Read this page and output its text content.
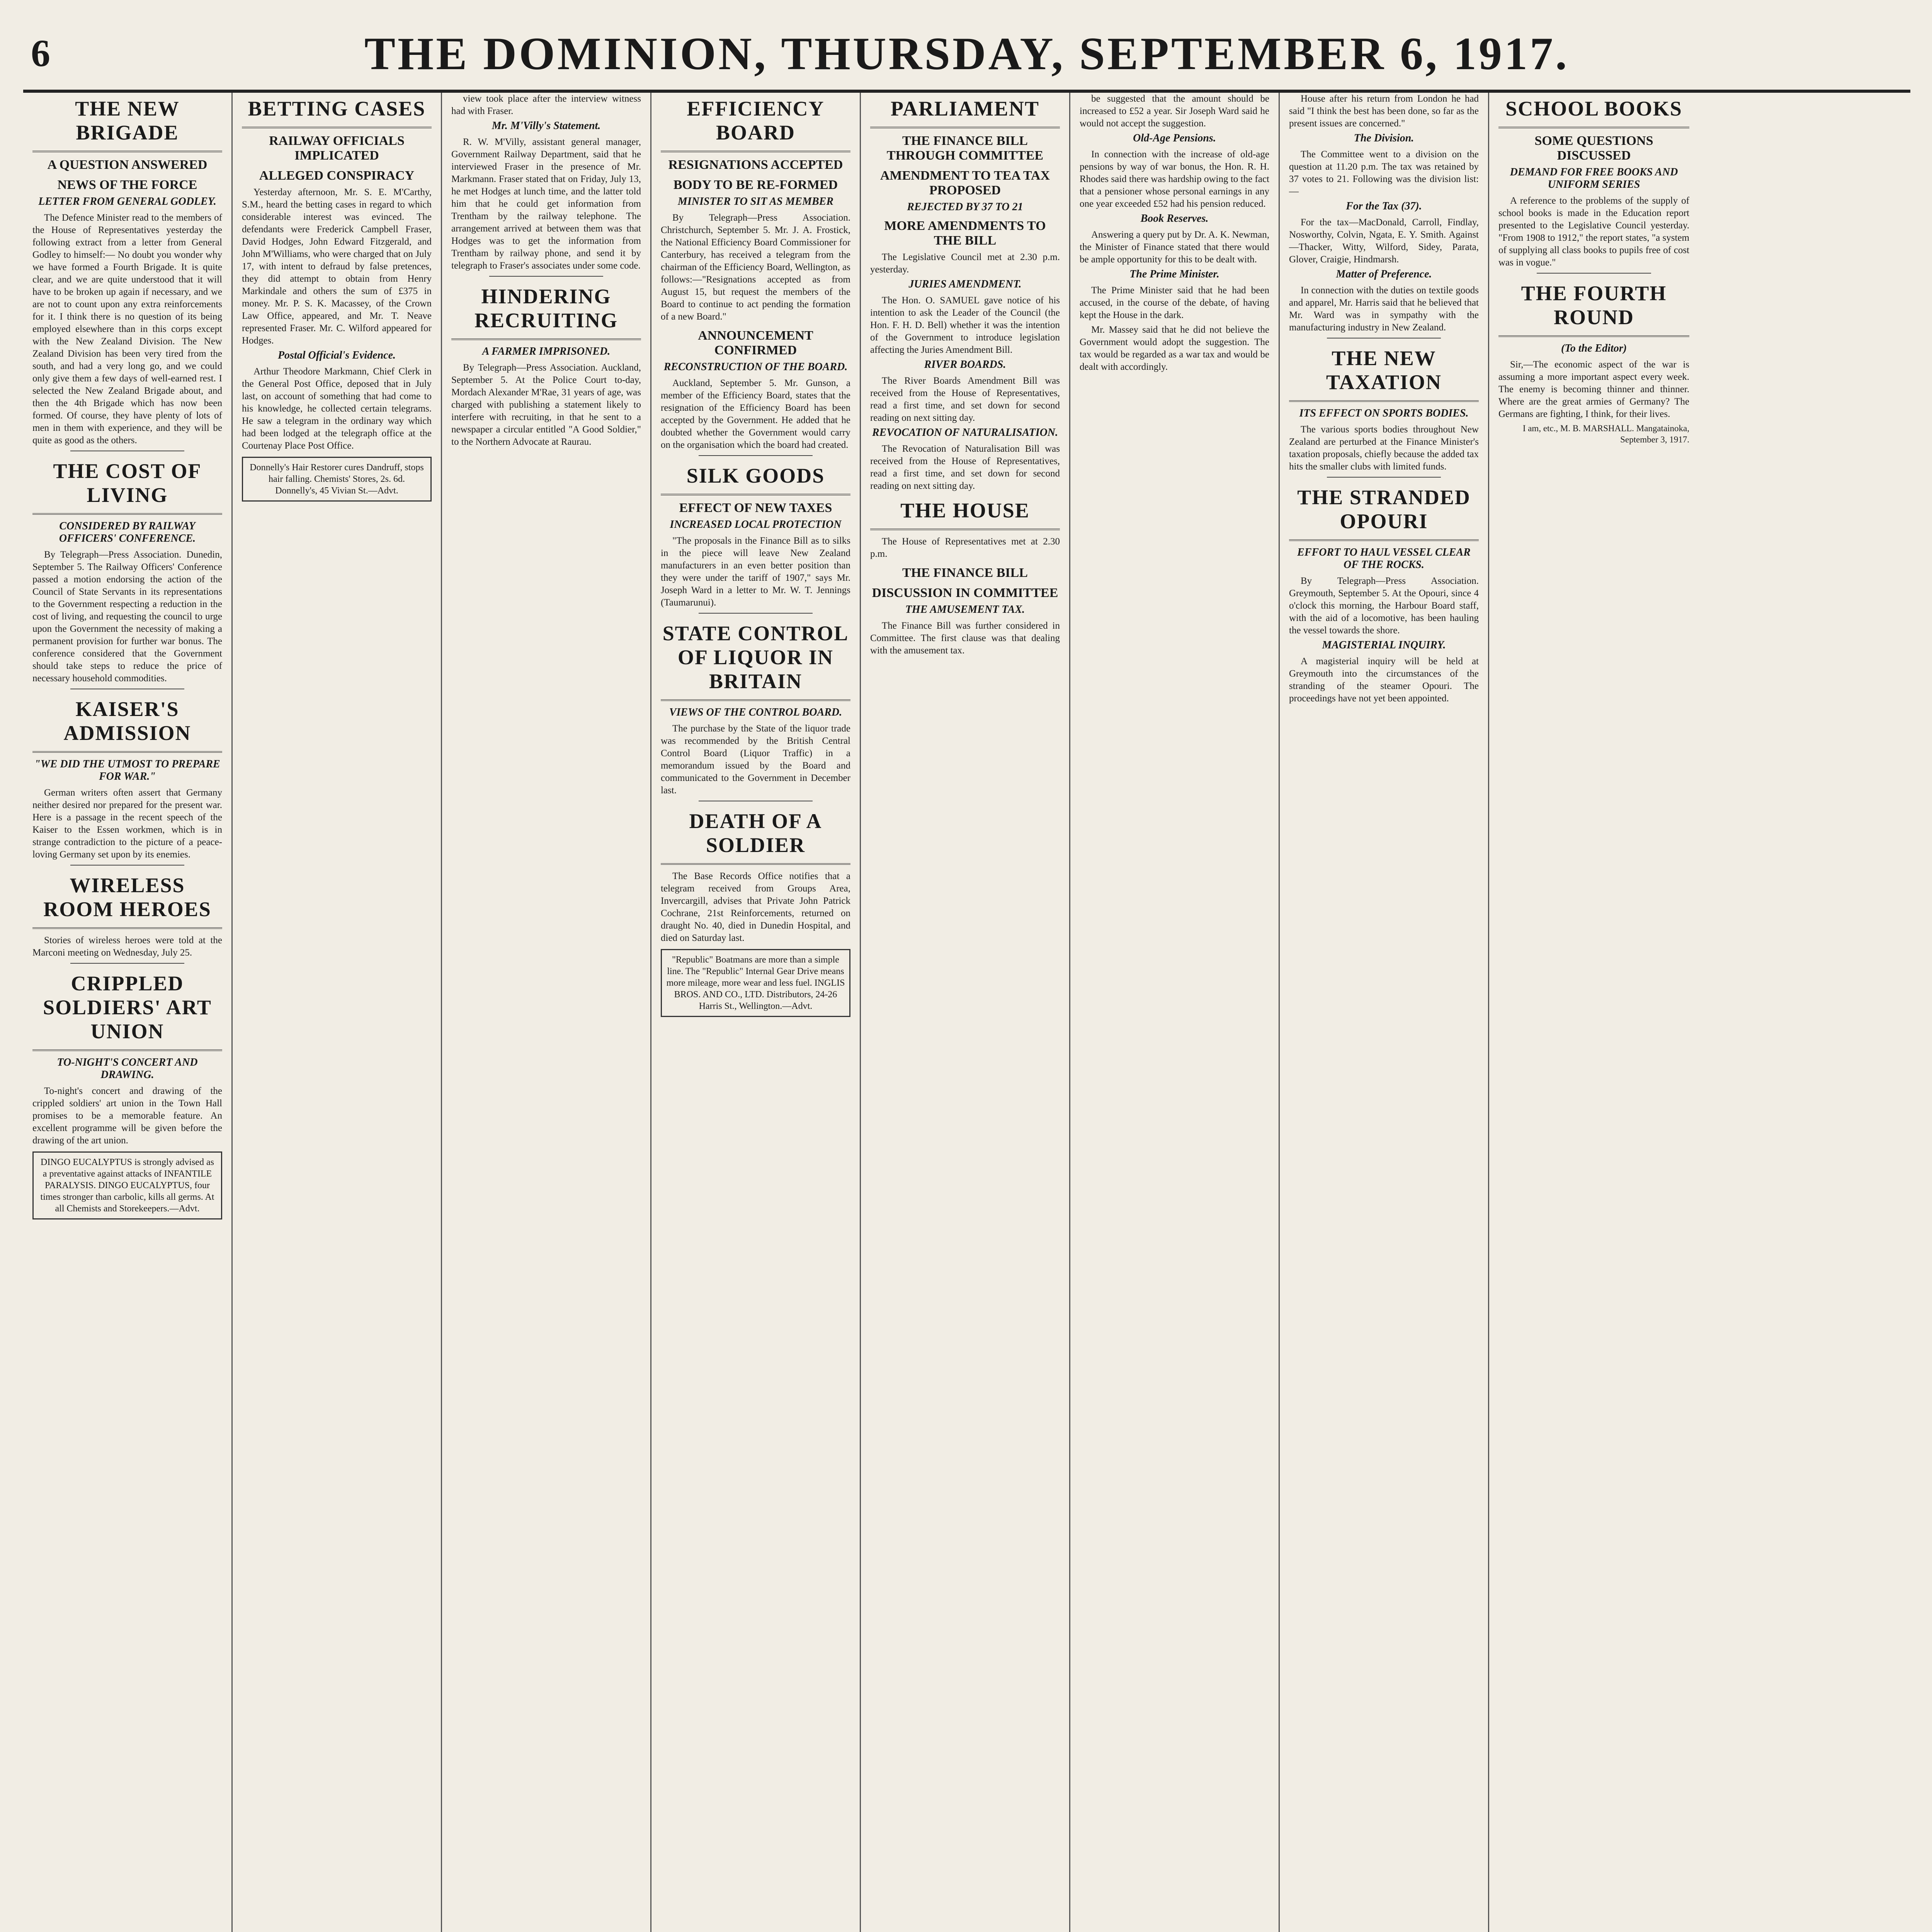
6	THE DOMINION, THURSDAY, SEPTEMBER 6, 1917.
THE NEW BRIGADE
A QUESTION ANSWERED
NEWS OF THE FORCE
LETTER FROM GENERAL GODLEY.

The Defence Minister read to the members of the House of Representatives yesterday the following extract from a letter from General Godley to himself:— No doubt you wonder why we have formed a Fourth Brigade. It is quite clear, and we are quite understood that it will have to be broken up again if necessary, and we are not to count upon any extra reinforcements for it. I think there is no question of its being employed elsewhere than in this corps except with the New Zealand Division. The New Zealand Division has been very tired from the south, and had a very long go, and we could only give them a few days of well-earned rest. I selected the New Zealand Brigade about, and then the 4th Brigade which has now been formed. Of course, they have plenty of lots of men in them with experience, and they will be quite as good as the others.

THE COST OF LIVING
CONSIDERED BY RAILWAY OFFICERS' CONFERENCE.

By Telegraph—Press Association. Dunedin, September 5. The Railway Officers' Conference passed a motion endorsing the action of the Council of State Servants in its representations to the Government respecting a reduction in the cost of living, and requesting the council to urge upon the Government the necessity of making a permanent provision for further war bonus. The conference considered that the Government should take steps to reduce the price of necessary household commodities.

KAISER'S ADMISSION
"WE DID THE UTMOST TO PREPARE FOR WAR."

German writers often assert that Germany neither desired nor prepared for the present war. Here is a passage in the recent speech of the Kaiser to the Essen workmen, which is in strange contradiction to the picture of a peace-loving Germany set upon by its enemies.

WIRELESS ROOM HEROES

Stories of wireless heroes were told at the Marconi meeting on Wednesday, July 25.

CRIPPLED SOLDIERS' ART UNION
TO-NIGHT'S CONCERT AND DRAWING.

To-night's concert and drawing of the crippled soldiers' art union in the Town Hall promises to be a memorable feature. An excellent programme will be given before the drawing of the art union.

DINGO EUCALYPTUS is strongly advised as a preventative against attacks of INFANTILE PARALYSIS. DINGO EUCALYPTUS, four times stronger than carbolic, kills all germs. At all Chemists and Storekeepers.—Advt.
BETTING CASES
RAILWAY OFFICIALS IMPLICATED
ALLEGED CONSPIRACY

Yesterday afternoon, Mr. S. E. M'Carthy, S.M., heard the betting cases in regard to which considerable interest was evinced. The defendants were Frederick Campbell Fraser, David Hodges, John Edward Fitzgerald, and John M'Williams, who were charged that on July 17, with intent to defraud by false pretences, they did attempt to obtain from Henry Markindale and others the sum of £375 in money. Mr. P. S. K. Macassey, of the Crown Law Office, appeared, and Mr. T. Neave represented Fraser. Mr. C. Wilford appeared for Hodges.

Postal Official's Evidence.

Arthur Theodore Markmann, Chief Clerk in the General Post Office, deposed that in July last, on account of something that had come to his knowledge, he collected certain telegrams. He saw a telegram in the ordinary way which had been lodged at the telegraph office at the Courtenay Place Post Office.

Donnelly's Hair Restorer cures Dandruff, stops hair falling. Chemists' Stores, 2s. 6d. Donnelly's, 45 Vivian St.—Advt.

view took place after the interview witness had with Fraser.

Mr. M'Villy's Statement.

R. W. M'Villy, assistant general manager, Government Railway Department, said that he interviewed Fraser in the presence of Mr. Markmann. Fraser stated that on Friday, July 13, he met Hodges at lunch time, and the latter told him that he could get information from Trentham by the railway telephone. The arrangement arrived at between them was that Hodges was to get the information from Trentham by railway phone, and send it by telegraph to Fraser's associates under some code.

HINDERING RECRUITING
A FARMER IMPRISONED.

By Telegraph—Press Association. Auckland, September 5. At the Police Court to-day, Mordach Alexander M'Rae, 31 years of age, was charged with publishing a statement likely to interfere with recruiting, in that he sent to a newspaper a circular entitled "A Good Soldier," to the Northern Advocate at Raurau.

EFFICIENCY BOARD
RESIGNATIONS ACCEPTED
BODY TO BE RE-FORMED
MINISTER TO SIT AS MEMBER

By Telegraph—Press Association. Christchurch, September 5. Mr. J. A. Frostick, the National Efficiency Board Commissioner for Canterbury, has received a telegram from the chairman of the Efficiency Board, Wellington, as follows:—"Resignations accepted as from August 15, but request the members of the Board to continue to act pending the formation of a new Board."

ANNOUNCEMENT CONFIRMED
RECONSTRUCTION OF THE BOARD.

Auckland, September 5. Mr. Gunson, a member of the Efficiency Board, states that the resignation of the Efficiency Board has been accepted by the Government. He added that he doubted whether the Government would carry on the organisation which the board had created.

SILK GOODS
EFFECT OF NEW TAXES
INCREASED LOCAL PROTECTION

"The proposals in the Finance Bill as to silks in the piece will leave New Zealand manufacturers in an even better position than they were under the tariff of 1907," says Mr. Joseph Ward in a letter to Mr. W. T. Jennings (Taumarunui).

STATE CONTROL OF LIQUOR IN BRITAIN
VIEWS OF THE CONTROL BOARD.

The purchase by the State of the liquor trade was recommended by the British Central Control Board (Liquor Traffic) in a memorandum issued by the Board and communicated to the Government in December last.

DEATH OF A SOLDIER

The Base Records Office notifies that a telegram received from Groups Area, Invercargill, advises that Private John Patrick Cochrane, 21st Reinforcements, returned on draught No. 40, died in Dunedin Hospital, and died on Saturday last.

"Republic" Boatmans are more than a simple line. The "Republic" Internal Gear Drive means more mileage, more wear and less fuel. INGLIS BROS. AND CO., LTD. Distributors, 24-26 Harris St., Wellington.—Advt.
PARLIAMENT
THE FINANCE BILL THROUGH COMMITTEE
AMENDMENT TO TEA TAX PROPOSED
REJECTED BY 37 TO 21
MORE AMENDMENTS TO THE BILL

The Legislative Council met at 2.30 p.m. yesterday.

JURIES AMENDMENT.

The Hon. O. SAMUEL gave notice of his intention to ask the Leader of the Council (the Hon. F. H. D. Bell) whether it was the intention of the Government to introduce legislation affecting the Juries Amendment Bill.

RIVER BOARDS.

The River Boards Amendment Bill was received from the House of Representatives, read a first time, and set down for second reading on next sitting day.

REVOCATION OF NATURALISATION.

The Revocation of Naturalisation Bill was received from the House of Representatives, read a first time, and set down for second reading on next sitting day.

THE HOUSE

The House of Representatives met at 2.30 p.m.

THE FINANCE BILL
DISCUSSION IN COMMITTEE
THE AMUSEMENT TAX.

The Finance Bill was further considered in Committee. The first clause was that dealing with the amusement tax.

be suggested that the amount should be increased to £52 a year. Sir Joseph Ward said he would not accept the suggestion.

Old-Age Pensions.

In connection with the increase of old-age pensions by way of war bonus, the Hon. R. H. Rhodes said there was hardship owing to the fact that a pensioner whose personal earnings in any one year exceeded £52 had his pension reduced.

Book Reserves.

Answering a query put by Dr. A. K. Newman, the Minister of Finance stated that there would be ample opportunity for this to be dealt with.

The Prime Minister.

The Prime Minister said that he had been accused, in the course of the debate, of having kept the House in the dark.

Mr. Massey said that he did not believe the Government would adopt the suggestion. The tax would be regarded as a war tax and would be dealt with accordingly.

House after his return from London he had said "I think the best has been done, so far as the present issues are concerned."

The Division.

The Committee went to a division on the question at 11.20 p.m. The tax was retained by 37 votes to 21. Following was the division list:—

For the Tax (37).

For the tax—MacDonald, Carroll, Findlay, Nosworthy, Colvin, Ngata, E. Y. Smith. Against—Thacker, Witty, Wilford, Sidey, Parata, Glover, Craigie, Hindmarsh.

Matter of Preference.

In connection with the duties on textile goods and apparel, Mr. Harris said that he believed that Mr. Ward was in sympathy with the manufacturing industry in New Zealand.

THE NEW TAXATION
ITS EFFECT ON SPORTS BODIES.

The various sports bodies throughout New Zealand are perturbed at the Finance Minister's taxation proposals, chiefly because the added tax hits the smaller clubs with limited funds.

THE STRANDED OPOURI
EFFORT TO HAUL VESSEL CLEAR OF THE ROCKS.

By Telegraph—Press Association. Greymouth, September 5. At the Opouri, since 4 o'clock this morning, the Harbour Board staff, with the aid of a locomotive, has been hauling the vessel towards the shore.

MAGISTERIAL INQUIRY.

A magisterial inquiry will be held at Greymouth into the circumstances of the stranding of the steamer Opouri. The proceedings have not yet been appointed.

SCHOOL BOOKS
SOME QUESTIONS DISCUSSED
DEMAND FOR FREE BOOKS AND UNIFORM SERIES

A reference to the problems of the supply of school books is made in the Education report presented to the Legislative Council yesterday. "From 1908 to 1912," the report states, "a system of supplying all class books to pupils free of cost was in vogue."

THE FOURTH ROUND
(To the Editor)

Sir,—The economic aspect of the war is assuming a more important aspect every week. The enemy is becoming thinner and thinner. Where are the great armies of Germany? The Germans are fighting, I think, for their lives.

I am, etc., M. B. MARSHALL. Mangatainoka, September 3, 1917.
